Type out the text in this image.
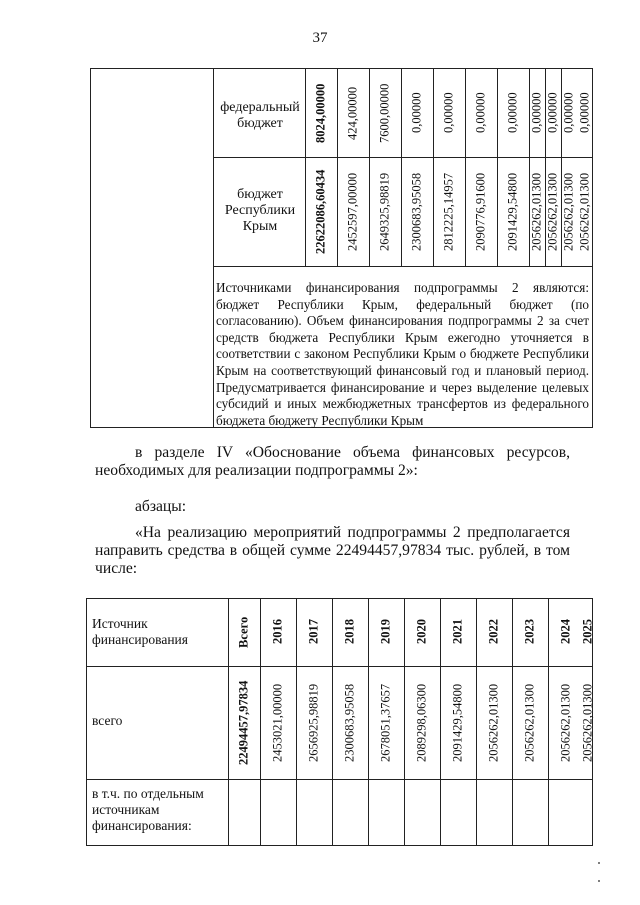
37
федеральный бюджет	8024,00000	424,00000	7600,00000	0,00000	0,00000	0,00000	0,00000 0,00000 0,00000 0,00000 0,00000
бюджет Республики Крым	22622086,60434	2452597,00000	2649325,98819	2300683,95058	2812225,14957	2090776,91600	2091429,54800 2056262,01300 2056262,01300 2056262,01300 2056262,01300

Источниками финансирования подпрограммы 2 являются: бюджет Республики Крым, федеральный бюджет (по согласованию). Объем финансирования подпрограммы 2 за счет средств бюджета Республики Крым ежегодно уточняется в соответствии с законом Республики Крым о бюджете Республики Крым на соответствующий финансовый год и плановый период. Предусматривается финансирование и через выделение целевых субсидий и иных межбюджетных трансфертов из федерального бюджета бюджету Республики Крым

в разделе IV «Обоснование объема финансовых ресурсов,
необходимых для реализации подпрограммы 2»:
абзацы:
«На реализацию мероприятий подпрограммы 2 предполагается направить средства в общей сумме 22494457,97834 тыс. рублей, в том числе:
Источник финансирования	Всего	2016	2017	2018	2019	2020	2021	2022	2023	2024 2025
всего	22494457,97834	2453021,00000	2656925,98819	2300683,95058	2678051,37657	2089298,06300	2091429,54800	2056262,01300	2056262,01300	2056262,01300 2056262,01300
в т.ч. по отдельным источникам финансирования:
